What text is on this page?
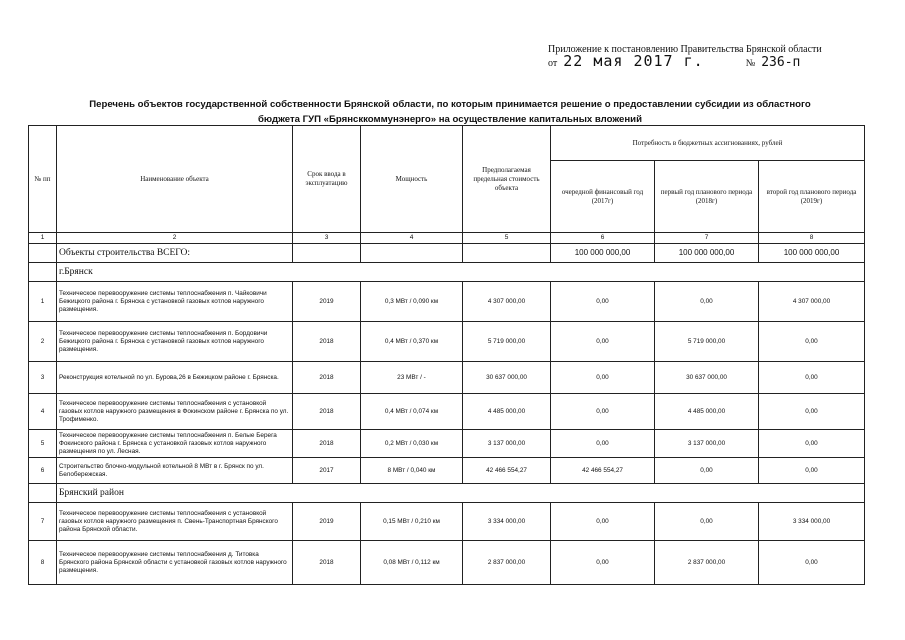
Приложение к постановлению Правительства Брянской области
от 22 мая 2017 г.	№ 236-п
Перечень объектов государственной собственности Брянской области, по которым принимается решение о предоставлении субсидии из областного
бюджета ГУП «Брянсккоммунэнерго» на осуществление капитальных вложений
№ пп	Наименование объекта	Срок ввода в эксплуатацию	Мощность	Предполагаемая предельная стоимость объекта	Потребность в бюджетных ассигнованиях, рублей		
					очередной финансовый год (2017г)	первый год планового периода (2018г)	второй год планового периода (2019г)
1	2	3	4	5	6	7	8
	Объекты строительства ВСЕГО:				100 000 000,00	100 000 000,00	100 000 000,00
	г.Брянск						
1	Техническое перевооружение системы теплоснабжения п. Чайковичи Бежицкого района г. Брянска с установкой газовых котлов наружного размещения.	2019	0,3 МВт / 0,090 км	4 307 000,00	0,00	0,00	4 307 000,00
2	Техническое перевооружение системы теплоснабжения п. Бордовичи Бежицкого района г. Брянска с установкой газовых котлов наружного размещения.	2018	0,4 МВт / 0,370 км	5 719 000,00	0,00	5 719 000,00	0,00
3	Реконструкция котельной по ул. Бурова,26 в Бежицком районе г. Брянска.	2018	23 МВт / -	30 637 000,00	0,00	30 637 000,00	0,00
4	Техническое перевооружение системы теплоснабжения с установкой газовых котлов наружного размещения в Фокинском районе г. Брянска по ул. Трофименко.	2018	0,4 МВт / 0,074 км	4 485 000,00	0,00	4 485 000,00	0,00
5	Техническое перевооружение системы теплоснабжения п. Белые Берега Фокинского района г. Брянска с установкой газовых котлов наружного размещения по ул. Лесная.	2018	0,2 МВт / 0,030 км	3 137 000,00	0,00	3 137 000,00	0,00
6	Строительство блочно-модульной котельной 8 МВт в г. Брянск по ул. Белобережская.	2017	8 МВт / 0,040 км	42 466 554,27	42 466 554,27	0,00	0,00
	Брянский район						
7	Техническое перевооружение системы теплоснабжения с установкой газовых котлов наружного размещения п. Свень-Транспортная Брянского района Брянской области.	2019	0,15 МВт / 0,210 км	3 334 000,00	0,00	0,00	3 334 000,00
8	Техническое перевооружение системы теплоснабжения д. Титовка Брянского района Брянской области с установкой газовых котлов наружного размещения.	2018	0,08 МВт / 0,112 км	2 837 000,00	0,00	2 837 000,00	0,00
